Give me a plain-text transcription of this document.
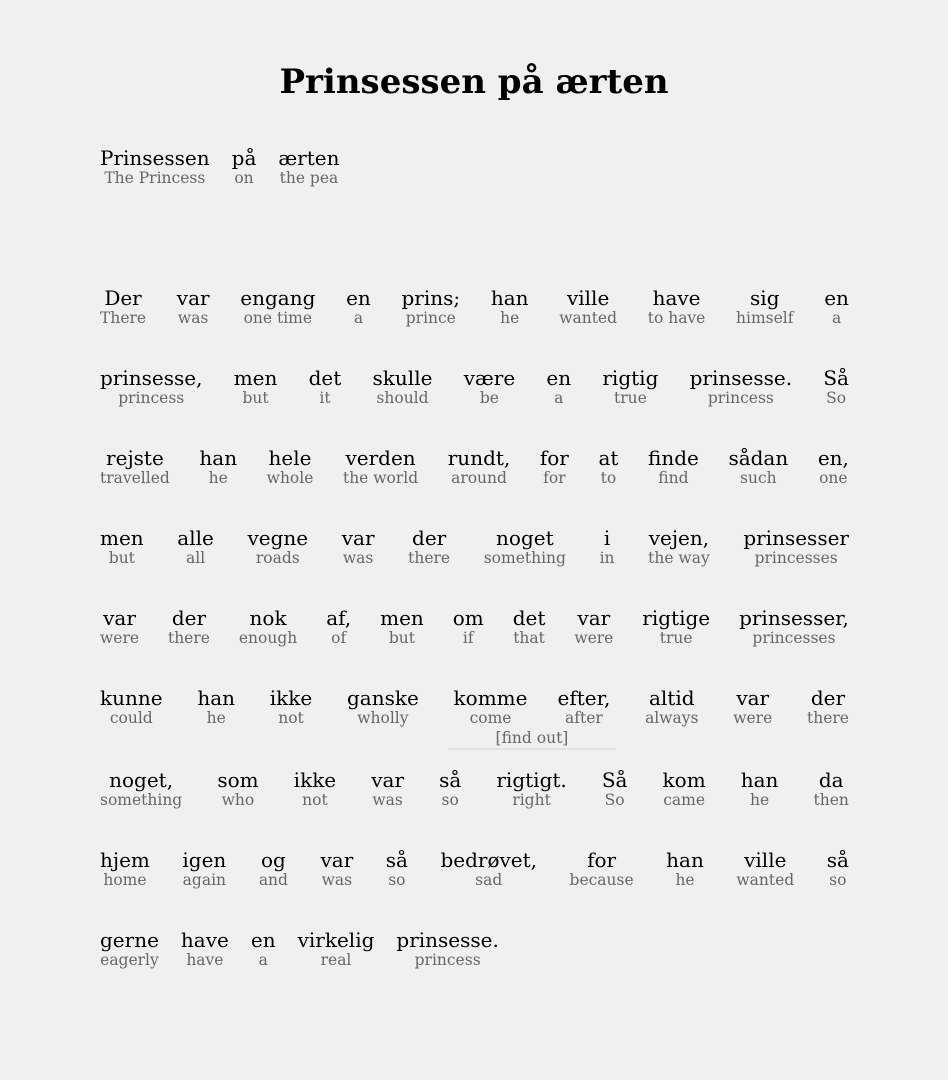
Prinsessen på ærten
Prinsessen
The Princess
på
on
ærten
the pea
Der
There
var
was
engang
one time
en
a
prins;
prince
han
he
ville
wanted
have
to have
sig
himself
en
a
prinsesse,
princess
men
but
det
it
skulle
should
være
be
en
a
rigtig
true
prinsesse.
princess
Så
So
rejste
travelled
han
he
hele
whole
verden
the world
rundt,
around
for
for
at
to
finde
find
sådan
such
en,
one
men
but
alle
all
vegne
roads
var
was
der
there
noget
something
i
in
vejen,
the way
prinsesser
princesses
var
were
der
there
nok
enough
af,
of
men
but
om
if
det
that
var
were
rigtige
true
prinsesser,
princesses
kunne
could
han
he
ikke
not
ganske
wholly
komme
come
efter,
after
[find out]
altid
always
var
were
der
there
noget,
something
som
who
ikke
not
var
was
så
so
rigtigt.
right
Så
So
kom
came
han
he
da
then
hjem
home
igen
again
og
and
var
was
så
so
bedrøvet,
sad
for
because
han
he
ville
wanted
så
so
gerne
eagerly
have
have
en
a
virkelig
real
prinsesse.
princess
